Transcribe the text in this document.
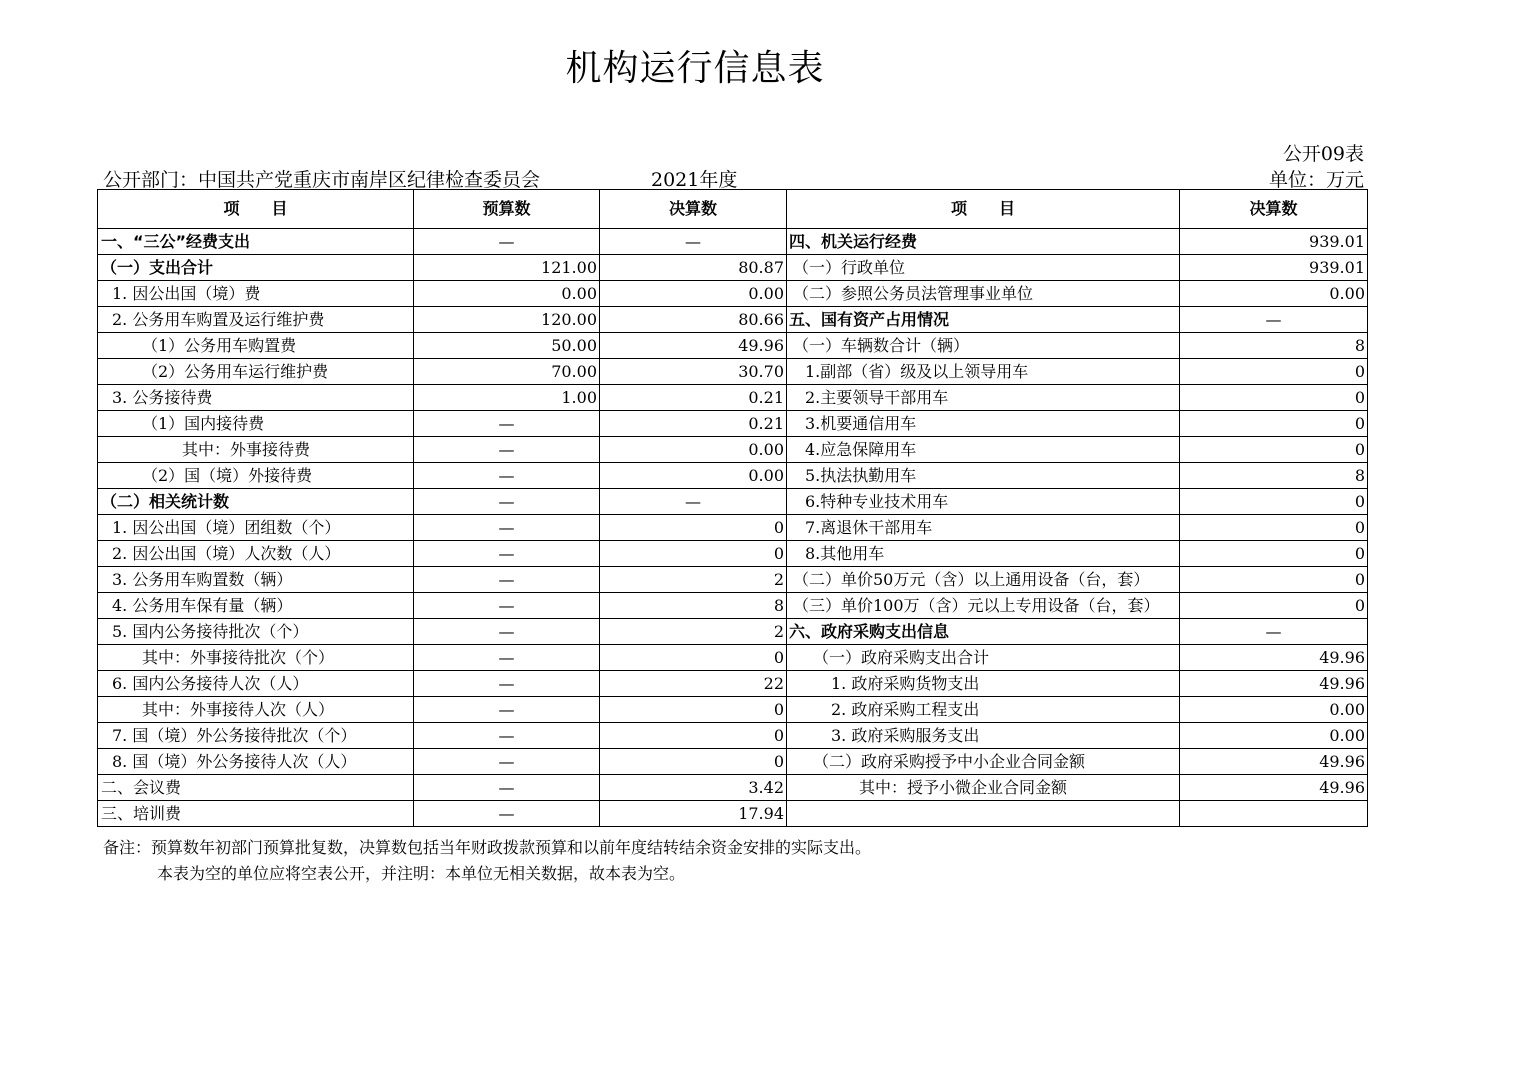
机构运行信息表
公开09表
单位：万元
公开部门：中国共产党重庆市南岸区纪律检查委员会	2021年度
项　　目	预算数	决算数	项　　目	决算数
一、“三公”经费支出	—	—	四、机关运行经费	939.01
（一）支出合计	121.00	80.87	（一）行政单位	939.01
1. 因公出国（境）费	0.00	0.00	（二）参照公务员法管理事业单位	0.00
2. 公务用车购置及运行维护费	120.00	80.66	五、国有资产占用情况	—
（1）公务用车购置费	50.00	49.96	（一）车辆数合计（辆）	8
（2）公务用车运行维护费	70.00	30.70	1.副部（省）级及以上领导用车	0
3. 公务接待费	1.00	0.21	2.主要领导干部用车	0
（1）国内接待费	—	0.21	3.机要通信用车	0
其中：外事接待费	—	0.00	4.应急保障用车	0
（2）国（境）外接待费	—	0.00	5.执法执勤用车	8
（二）相关统计数	—	—	6.特种专业技术用车	0
1. 因公出国（境）团组数（个）	—	0	7.离退休干部用车	0
2. 因公出国（境）人次数（人）	—	0	8.其他用车	0
3. 公务用车购置数（辆）	—	2	（二）单价50万元（含）以上通用设备（台，套）	0
4. 公务用车保有量（辆）	—	8	（三）单价100万（含）元以上专用设备（台，套）	0
5. 国内公务接待批次（个）	—	2	六、政府采购支出信息	—
其中：外事接待批次（个）	—	0	（一）政府采购支出合计	49.96
6. 国内公务接待人次（人）	—	22	1. 政府采购货物支出	49.96
其中：外事接待人次（人）	—	0	2. 政府采购工程支出	0.00
7. 国（境）外公务接待批次（个）	—	0	3. 政府采购服务支出	0.00
8. 国（境）外公务接待人次（人）	—	0	（二）政府采购授予中小企业合同金额	49.96
二、会议费	—	3.42	其中：授予小微企业合同金额	49.96
三、培训费	—	17.94		
备注：预算数年初部门预算批复数，决算数包括当年财政拨款预算和以前年度结转结余资金安排的实际支出。
本表为空的单位应将空表公开，并注明：本单位无相关数据，故本表为空。
